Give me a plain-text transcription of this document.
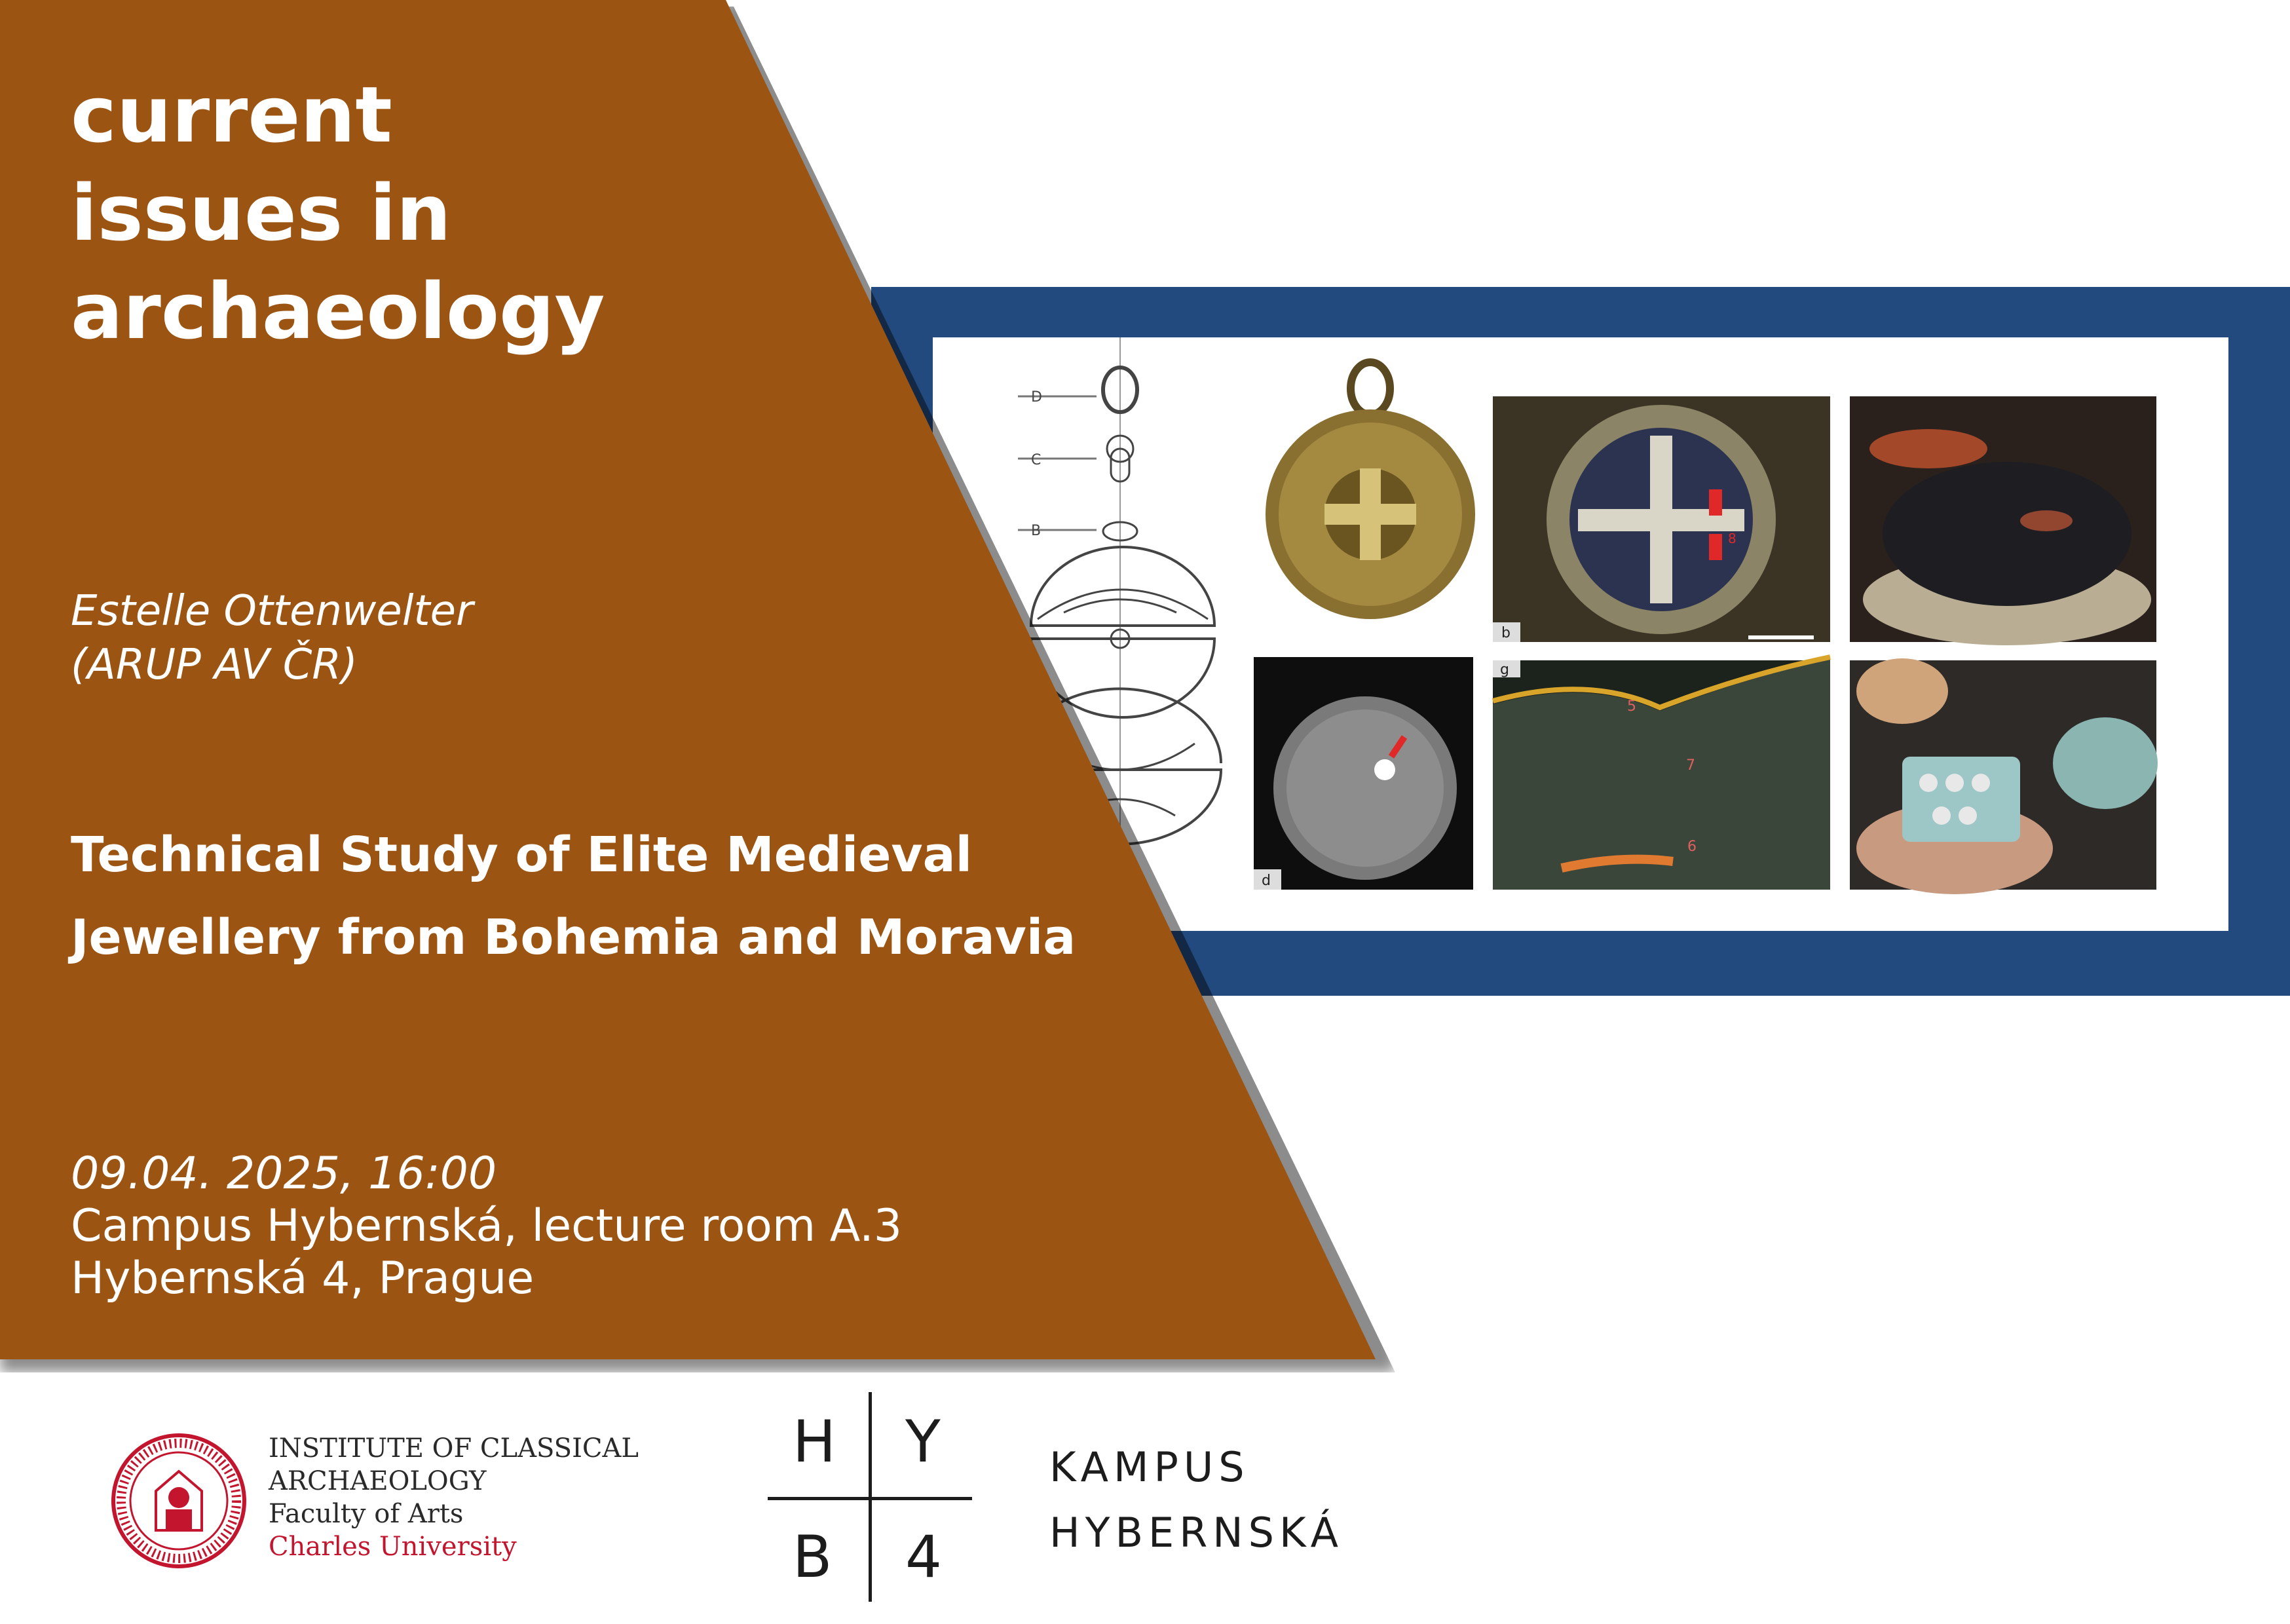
D
C
B
b
8
d
g
5
7
6
current
issues in
archaeology
Estelle Ottenwelter
(ARUP AV ČR)
Technical Study of Elite Medieval
Jewellery from Bohemia and Moravia
09.04. 2025, 16:00
Campus Hybernská, lecture room A.3
Hybernská 4, Prague
INSTITUTE OF CLASSICAL
ARCHAEOLOGY
Faculty of Arts
Charles University
H Y
B 4
KAMPUS
HYBERNSKÁ
